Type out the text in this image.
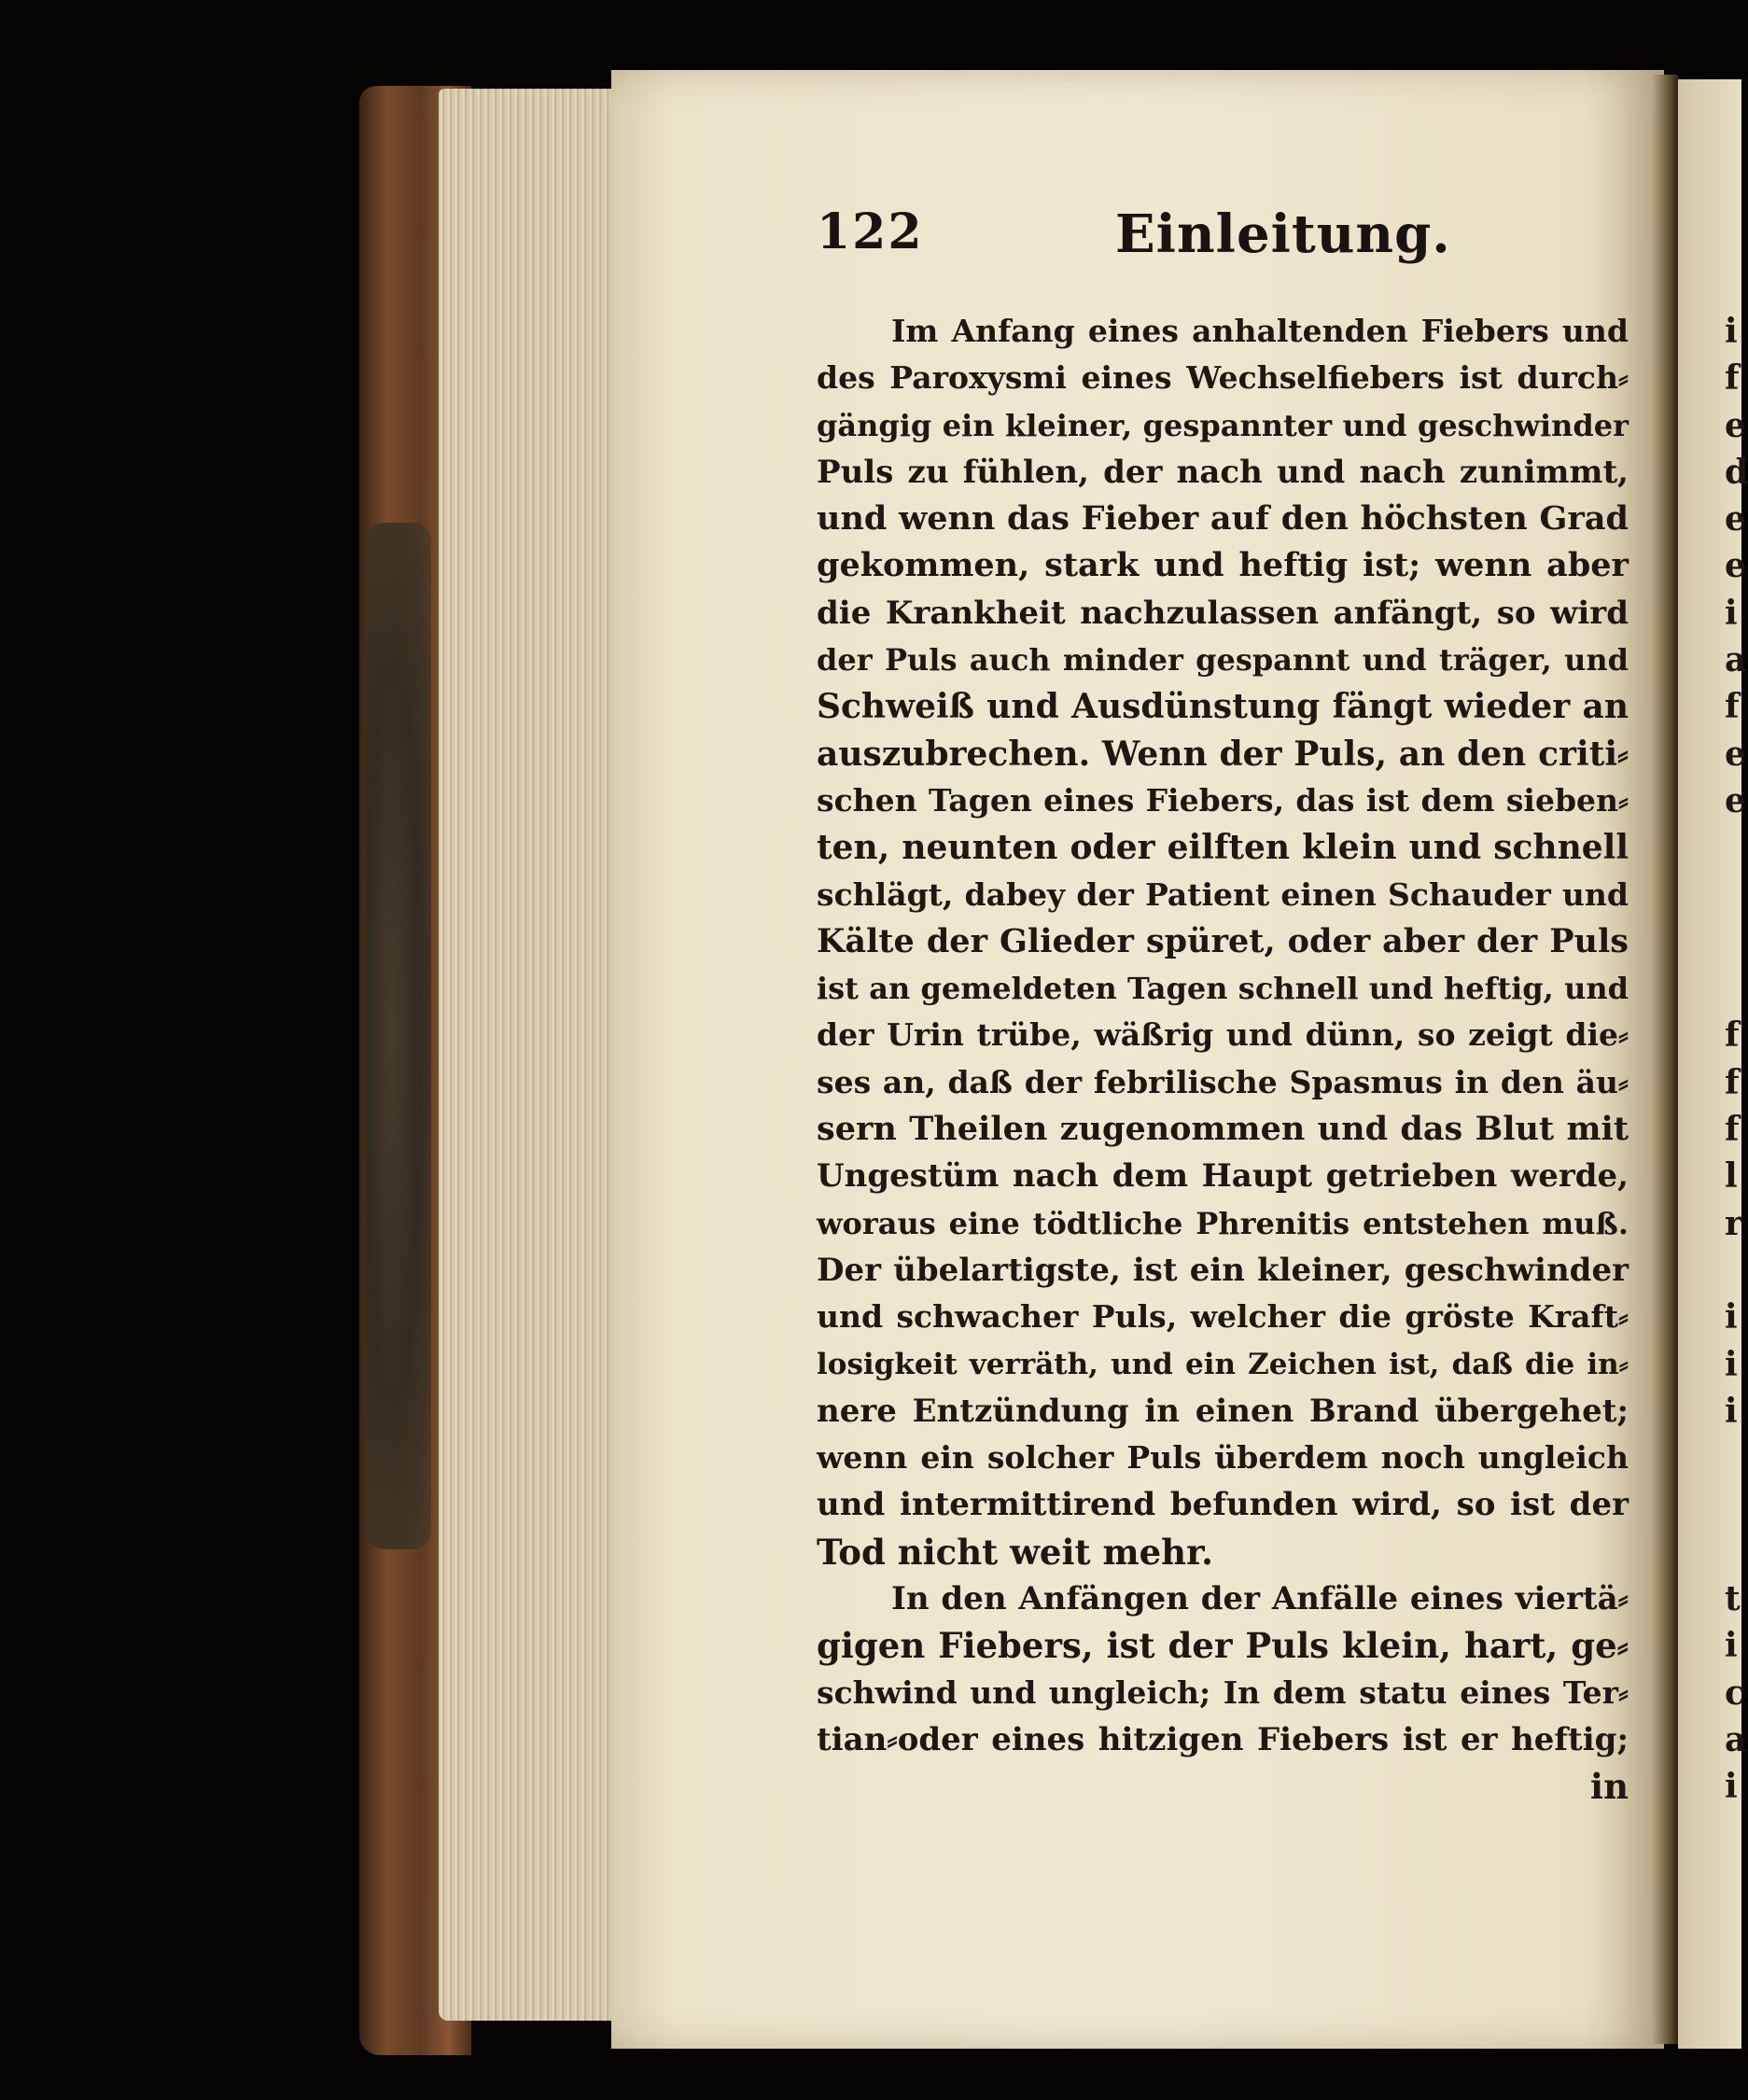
122	Einleitung.
Im Anfang eines anhaltenden Fiebers und
des Paroxysmi eines Wechselfiebers ist durch⸗
gängig ein kleiner, gespannter und geschwinder
Puls zu fühlen, der nach und nach zunimmt,
und wenn das Fieber auf den höchsten Grad
gekommen, stark und heftig ist; wenn aber
die Krankheit nachzulassen anfängt, so wird
der Puls auch minder gespannt und träger, und
Schweiß und Ausdünstung fängt wieder an
auszubrechen. Wenn der Puls, an den criti⸗
schen Tagen eines Fiebers, das ist dem sieben⸗
ten, neunten oder eilften klein und schnell
schlägt, dabey der Patient einen Schauder und
Kälte der Glieder spüret, oder aber der Puls
ist an gemeldeten Tagen schnell und heftig, und
der Urin trübe, wäßrig und dünn, so zeigt die⸗
ses an, daß der febrilische Spasmus in den äu⸗
sern Theilen zugenommen und das Blut mit
Ungestüm nach dem Haupt getrieben werde,
woraus eine tödtliche Phrenitis entstehen muß.
Der übelartigste, ist ein kleiner, geschwinder
und schwacher Puls, welcher die gröste Kraft⸗
losigkeit verräth, und ein Zeichen ist, daß die in⸗
nere Entzündung in einen Brand übergehet;
wenn ein solcher Puls überdem noch ungleich
und intermittirend befunden wird, so ist der
Tod nicht weit mehr.
In den Anfängen der Anfälle eines viertä⸗
gigen Fiebers, ist der Puls klein, hart, ge⸗
schwind und ungleich; In dem statu eines Ter⸗
tian⸗oder eines hitzigen Fiebers ist er heftig;
in
i
f
e
d
e
e
i
a
f
e
e
f
f
f
l
r
i
i
i
t
i
c
a
i
